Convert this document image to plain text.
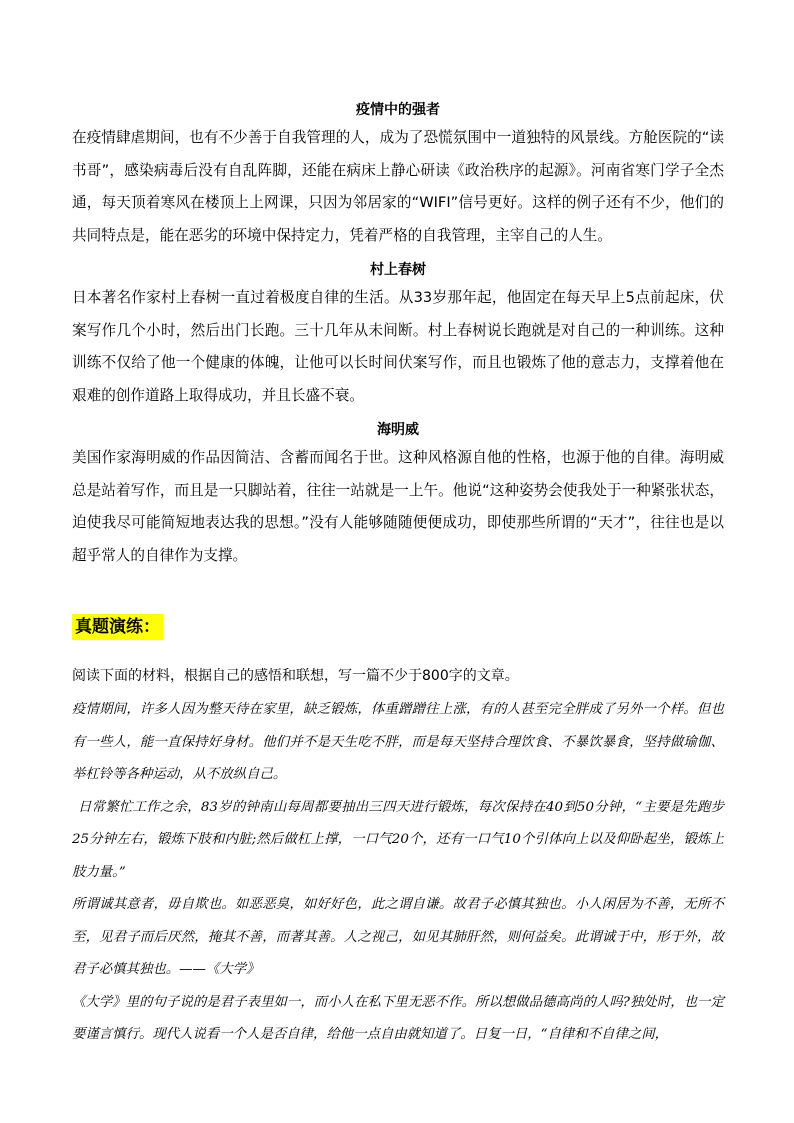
疫情中的强者

在疫情肆虐期间，也有不少善于自我管理的人，成为了恐慌氛围中一道独特的风景线。方舱医院的“读书哥”，感染病毒后没有自乱阵脚，还能在病床上静心研读《政治秩序的起源》。河南省寒门学子全杰通，每天顶着寒风在楼顶上上网课，只因为邻居家的“WIFI”信号更好。这样的例子还有不少，他们的共同特点是，能在恶劣的环境中保持定力，凭着严格的自我管理，主宰自己的人生。

村上春树

日本著名作家村上春树一直过着极度自律的生活。从33岁那年起，他固定在每天早上5点前起床，伏案写作几个小时，然后出门长跑。三十几年从未间断。村上春树说长跑就是对自己的一种训练。这种训练不仅给了他一个健康的体魄，让他可以长时间伏案写作，而且也锻炼了他的意志力，支撑着他在艰难的创作道路上取得成功，并且长盛不衰。

海明威

美国作家海明威的作品因简洁、含蓄而闻名于世。这种风格源自他的性格，也源于他的自律。海明威总是站着写作，而且是一只脚站着，往往一站就是一上午。他说“这种姿势会使我处于一种紧张状态，迫使我尽可能简短地表达我的思想。”没有人能够随随便便成功，即使那些所谓的“天才”，往往也是以超乎常人的自律作为支撑。

真题演练：

阅读下面的材料，根据自己的感悟和联想，写一篇不少于800字的文章。

疫情期间，许多人因为整天待在家里，缺乏锻炼，体重蹭蹭往上涨，有的人甚至完全胖成了另外一个样。但也有一些人，能一直保持好身材。他们并不是天生吃不胖，而是每天坚持合理饮食、不暴饮暴食，坚持做瑜伽、举杠铃等各种运动，从不放纵自己。

日常繁忙工作之余，83岁的钟南山每周都要抽出三四天进行锻炼，每次保持在40到50分钟，“主要是先跑步25分钟左右，锻炼下肢和内脏;然后做杠上撑，一口气20个，还有一口气10个引体向上以及仰卧起坐，锻炼上肢力量。”

所谓诚其意者，毋自欺也。如恶恶臭，如好好色，此之谓自谦。故君子必慎其独也。小人闲居为不善，无所不至，见君子而后厌然，掩其不善，而著其善。人之视己，如见其肺肝然，则何益矣。此谓诚于中，形于外，故君子必慎其独也。——《大学》

《大学》里的句子说的是君子表里如一，而小人在私下里无恶不作。所以想做品德高尚的人吗?独处时，也一定要谨言慎行。现代人说看一个人是否自律，给他一点自由就知道了。日复一日，“自律和不自律之间，
